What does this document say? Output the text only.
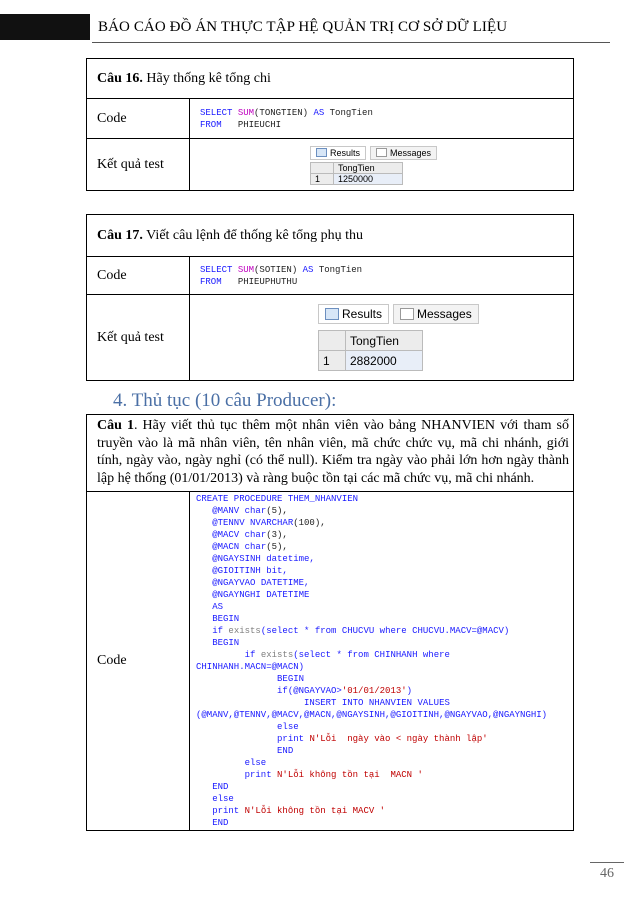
BÁO CÁO ĐỒ ÁN THỰC TẬP HỆ QUẢN TRỊ CƠ SỞ DỮ LIỆU
Câu 16. Hãy thống kê tổng chi
Code	SELECT SUM(TONGTIEN) AS TongTien
FROM PHIEUCHI
Kết quả test	
Results	Messages
	TongTien
1	1250000
Câu 17. Viết câu lệnh để thống kê tổng phụ thu
Code	SELECT SUM(SOTIEN) AS TongTien
FROM PHIEUPHUTHU
Kết quả test	
Results	Messages
	TongTien
1	2882000
4. Thủ tục (10 câu Producer):
Câu 1. Hãy viết thủ tục thêm một nhân viên vào bảng NHANVIEN với tham số truyền vào là mã nhân viên, tên nhân viên, mã chức chức vụ, mã chi nhánh, giới tính, ngày vào, ngày nghỉ (có thể null). Kiểm tra ngày vào phải lớn hơn ngày thành lập hệ thống (01/01/2013) và ràng buộc tồn tại các mã chức vụ, mã chi nhánh.
Code	CREATE PROCEDURE THEM_NHANVIEN
@MANV char(5),
@TENNV NVARCHAR(100),
@MACV char(3),
@MACN char(5),
@NGAYSINH datetime,
@GIOITINH bit,
@NGAYVAO DATETIME,
@NGAYNGHI DATETIME
AS
BEGIN
if exists(select * from CHUCVU where CHUCVU.MACV=@MACV)
BEGIN
if exists(select * from CHINHANH where
CHINHANH.MACN=@MACN)
BEGIN
if(@NGAYVAO>'01/01/2013')
INSERT INTO NHANVIEN VALUES
(@MANV,@TENNV,@MACV,@MACN,@NGAYSINH,@GIOITINH,@NGAYVAO,@NGAYNGHI)
else
print N'Lỗi  ngày vào < ngày thành lập'
END
else
print N'Lỗi không tồn tại  MACN '
END
else
print N'Lỗi không tồn tại MACV '
END
46
